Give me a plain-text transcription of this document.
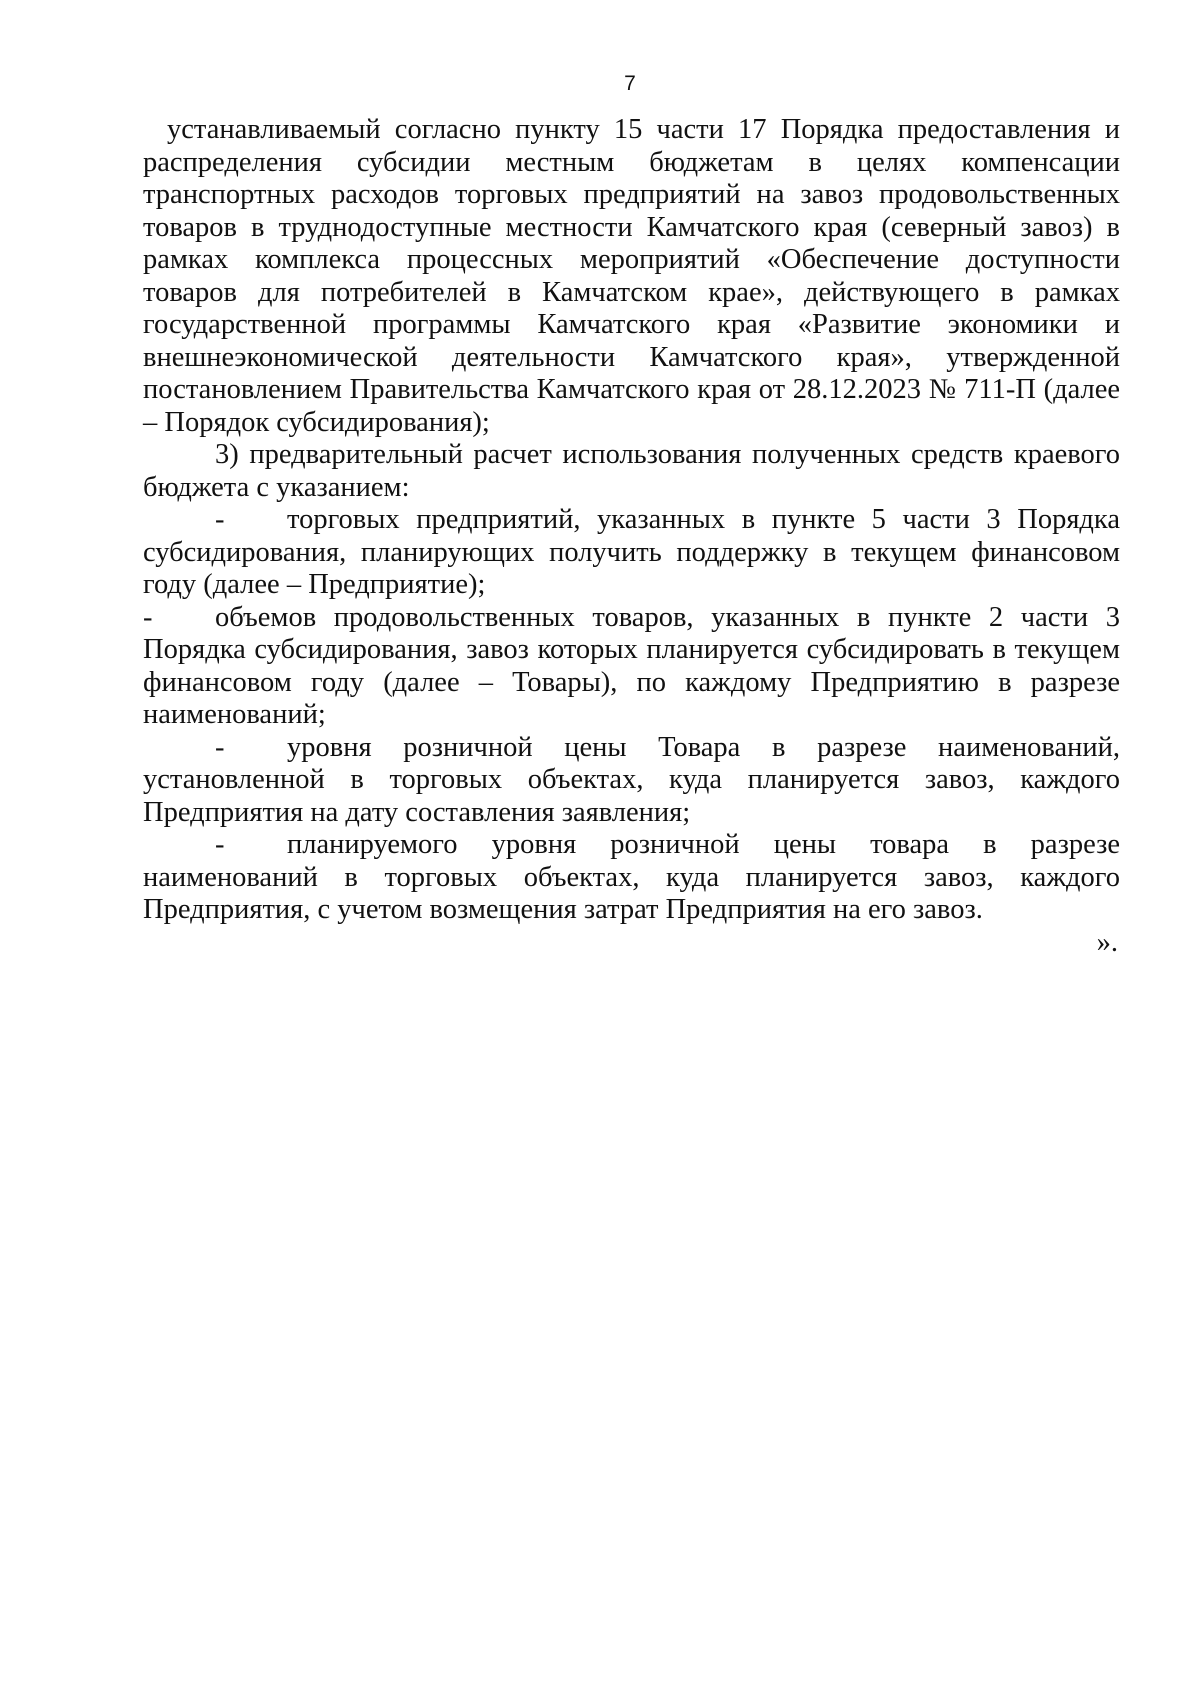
7

устанавливаемый согласно пункту 15 части 17 Порядка предоставления и распределения субсидии местным бюджетам в целях компенсации транспортных расходов торговых предприятий на завоз продовольственных товаров в труднодоступные местности Камчатского края (северный завоз) в рамках комплекса процессных мероприятий «Обеспечение доступности товаров для потребителей в Камчатском крае», действующего в рамках государственной программы Камчатского края «Развитие экономики и внешнеэкономической деятельности Камчатского края», утвержденной постановлением Правительства Камчатского края от 28.12.2023 № 711-П (далее – Порядок субсидирования);

3) предварительный расчет использования полученных средств краевого бюджета с указанием:

- торговых предприятий, указанных в пункте 5 части 3 Порядка субсидирования, планирующих получить поддержку в текущем финансовом году (далее – Предприятие);

- объемов продовольственных товаров, указанных в пункте 2 части 3 Порядка субсидирования, завоз которых планируется субсидировать в текущем финансовом году (далее – Товары), по каждому Предприятию в разрезе наименований;

- уровня розничной цены Товара в разрезе наименований, установленной в торговых объектах, куда планируется завоз, каждого Предприятия на дату составления заявления;

- планируемого уровня розничной цены товара в разрезе наименований в торговых объектах, куда планируется завоз, каждого Предприятия, с учетом возмещения затрат Предприятия на его завоз.

».
